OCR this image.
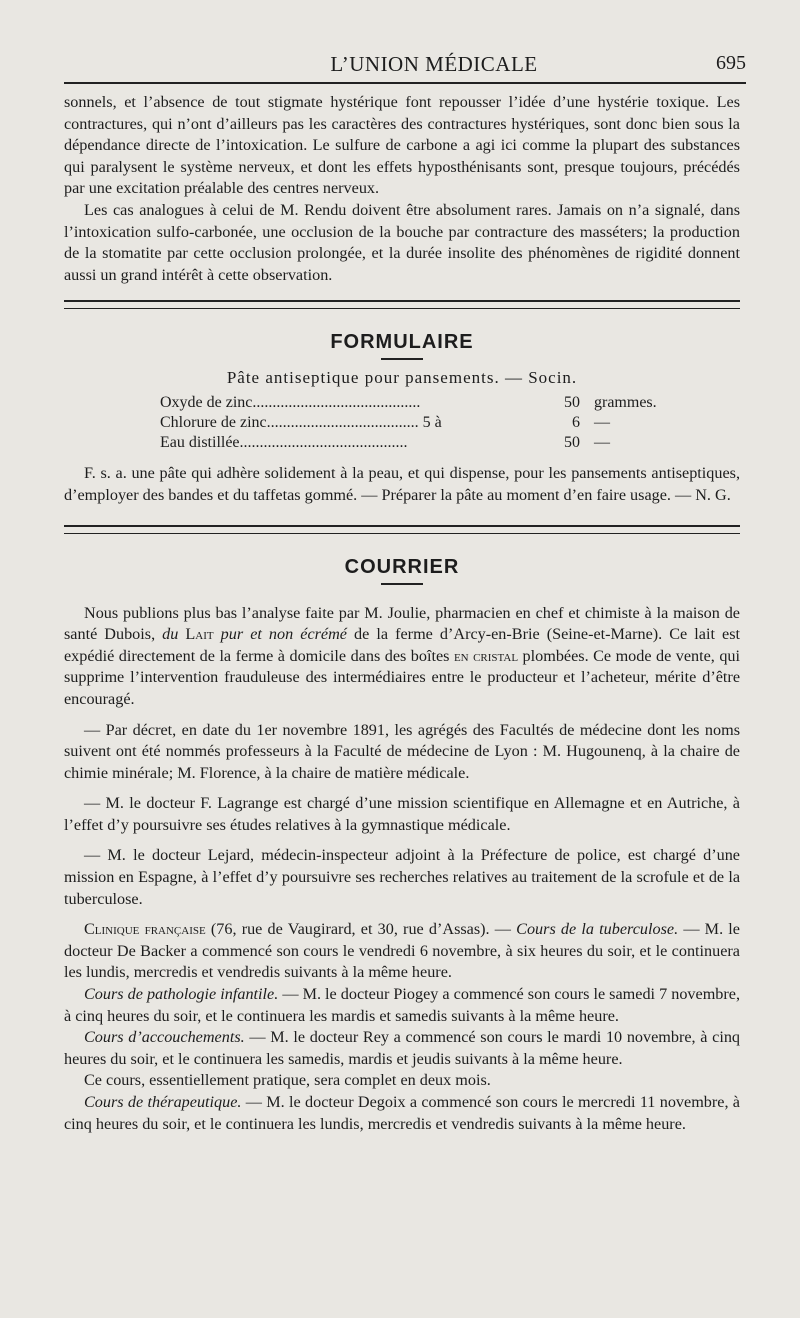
L’UNION MÉDICALE	695

sonnels, et l’absence de tout stigmate hystérique font repousser l’idée d’une hystérie toxique. Les contractures, qui n’ont d’ailleurs pas les caractères des contractures hystériques, sont donc bien sous la dépendance directe de l’intoxication. Le sulfure de carbone a agi ici comme la plupart des substances qui paralysent le système nerveux, et dont les effets hyposthénisants sont, presque toujours, précédés par une excitation préalable des centres nerveux.

Les cas analogues à celui de M. Rendu doivent être absolument rares. Jamais on n’a signalé, dans l’intoxication sulfo-carbonée, une occlusion de la bouche par contracture des masséters; la production de la stomatite par cette occlusion prolongée, et la durée insolite des phénomènes de rigidité donnent aussi un grand intérêt à cette observation.

FORMULAIRE
Pâte antiseptique pour pansements. — Socin.
Oxyde de zinc..........................................	50 grammes.
Chlorure de zinc...................................... 5 à	6 —
Eau distillée..........................................	50 —

F. s. a. une pâte qui adhère solidement à la peau, et qui dispense, pour les pansements antiseptiques, d’employer des bandes et du taffetas gommé. — Préparer la pâte au moment d’en faire usage. — N. G.

COURRIER

Nous publions plus bas l’analyse faite par M. Joulie, pharmacien en chef et chimiste à la maison de santé Dubois, du Lait pur et non écrémé de la ferme d’Arcy-en-Brie (Seine-et-Marne). Ce lait est expédié directement de la ferme à domicile dans des boîtes en cristal plombées. Ce mode de vente, qui supprime l’intervention frauduleuse des intermédiaires entre le producteur et l’acheteur, mérite d’être encouragé.

— Par décret, en date du 1er novembre 1891, les agrégés des Facultés de médecine dont les noms suivent ont été nommés professeurs à la Faculté de médecine de Lyon : M. Hugounenq, à la chaire de chimie minérale; M. Florence, à la chaire de matière médicale.

— M. le docteur F. Lagrange est chargé d’une mission scientifique en Allemagne et en Autriche, à l’effet d’y poursuivre ses études relatives à la gymnastique médicale.

— M. le docteur Lejard, médecin-inspecteur adjoint à la Préfecture de police, est chargé d’une mission en Espagne, à l’effet d’y poursuivre ses recherches relatives au traitement de la scrofule et de la tuberculose.

Clinique française (76, rue de Vaugirard, et 30, rue d’Assas). — Cours de la tuberculose. — M. le docteur De Backer a commencé son cours le vendredi 6 novembre, à six heures du soir, et le continuera les lundis, mercredis et vendredis suivants à la même heure.

Cours de pathologie infantile. — M. le docteur Piogey a commencé son cours le samedi 7 novembre, à cinq heures du soir, et le continuera les mardis et samedis suivants à la même heure.

Cours d’accouchements. — M. le docteur Rey a commencé son cours le mardi 10 novembre, à cinq heures du soir, et le continuera les samedis, mardis et jeudis suivants à la même heure.

Ce cours, essentiellement pratique, sera complet en deux mois.

Cours de thérapeutique. — M. le docteur Degoix a commencé son cours le mercredi 11 novembre, à cinq heures du soir, et le continuera les lundis, mercredis et vendredis suivants à la même heure.
